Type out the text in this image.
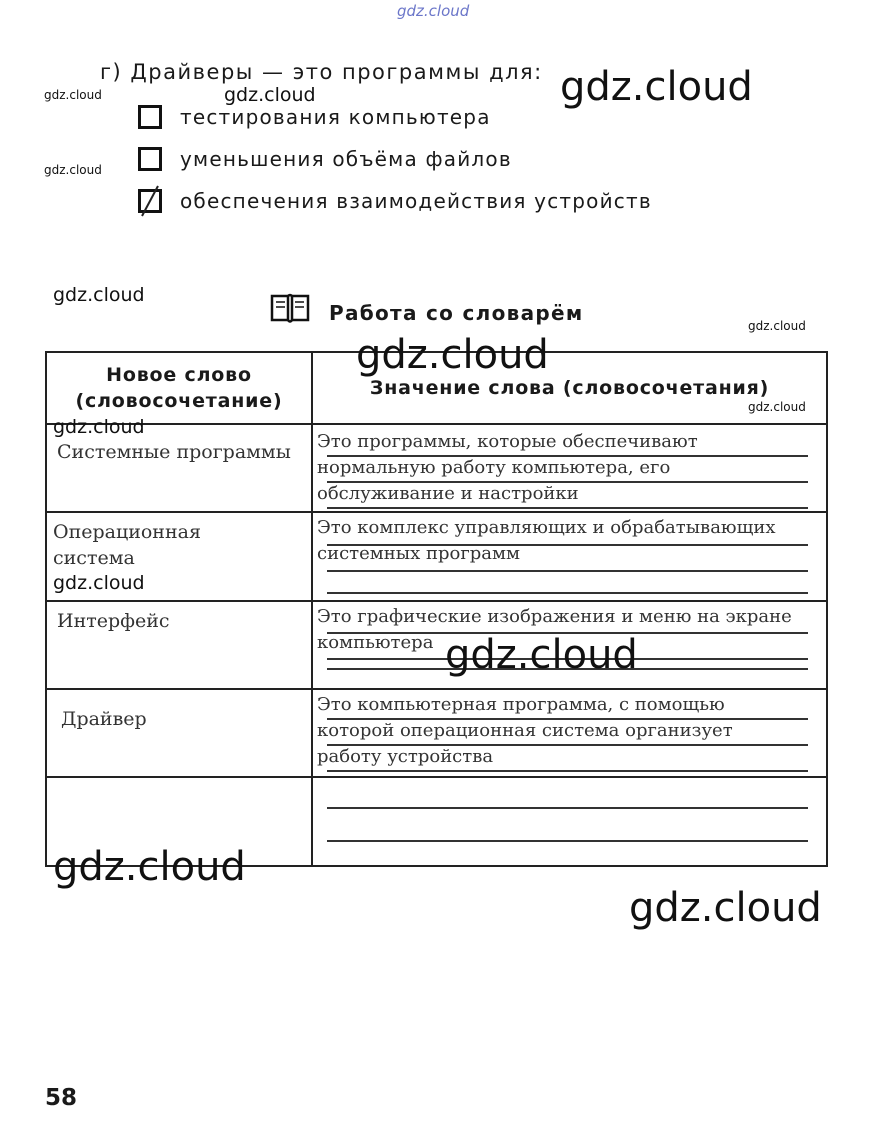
gdz.cloud
gdz.cloud	gdz.cloud	gdz.cloud
gdz.cloud
gdz.cloud
gdz.cloud
г) Драйверы — это программы для:
тестирования компьютера
уменьшения объёма файлов
обеспечения взаимодействия устройств
Работа со словарём
Новое слово (словосочетание)	Значение слова (словосочетания)

Системные программы	Это программы, которые обеспечивают
нормальную работу компьютера, его
обслуживание и настройки

Операционная
система	Это комплекс управляющих и обрабатывающих
системных программ

Интерфейс	Это графические изображения и меню на экране
компьютера

Драйвер	Это компьютерная программа, с помощью
которой операционная система организует
работу устройства

gdz.cloud
gdz.cloud
gdz.cloud
gdz.cloud
gdz.cloud
gdz.cloud
gdz.cloud
58
